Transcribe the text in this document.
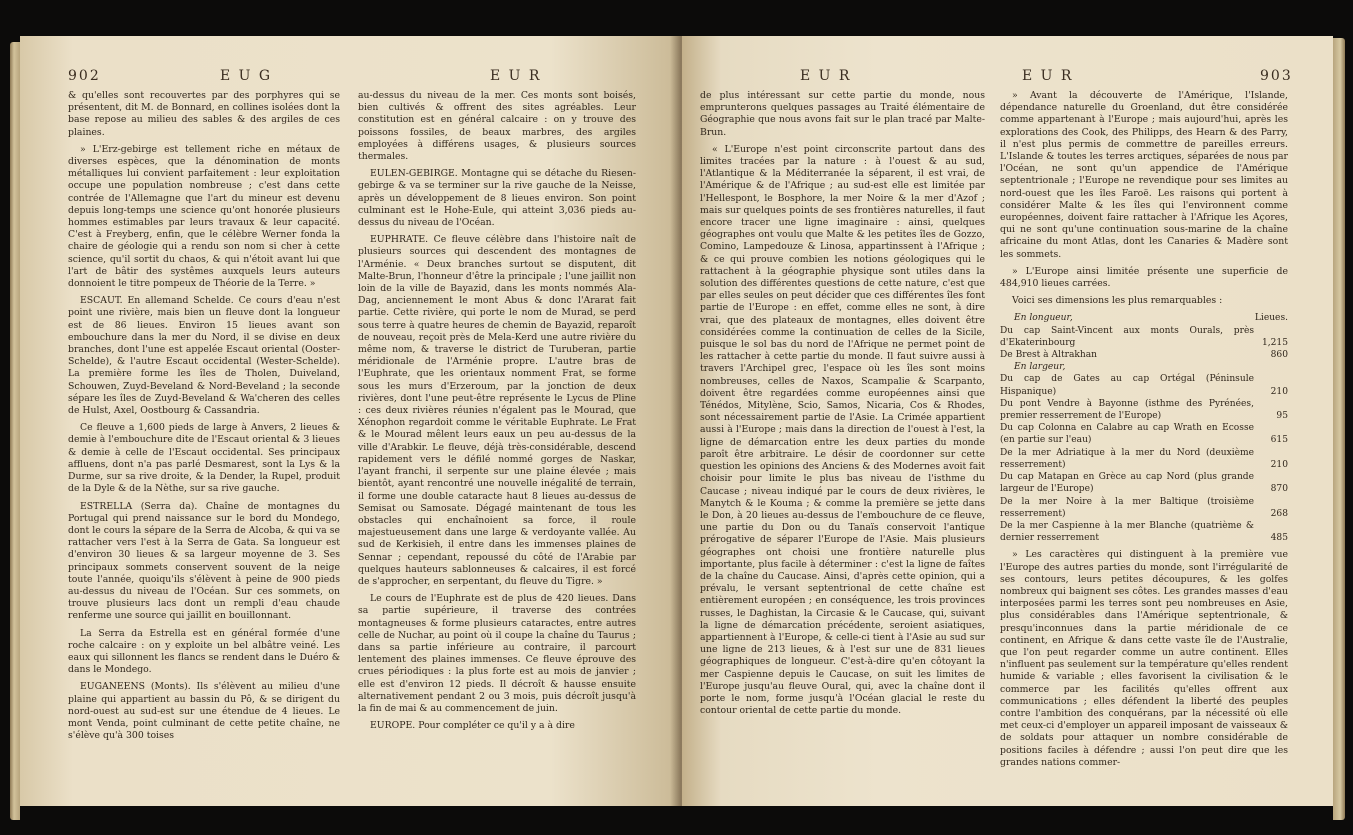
902	E U G	E U R

& qu'elles sont recouvertes par des porphyres qui se présentent, dit M. de Bonnard, en collines isolées dont la base repose au milieu des sables & des argiles de ces plaines.

» L'Erz-gebirge est tellement riche en métaux de diverses espèces, que la dénomination de monts métalliques lui convient parfaitement : leur exploitation occupe une population nombreuse ; c'est dans cette contrée de l'Allemagne que l'art du mineur est devenu depuis long-temps une science qu'ont honorée plusieurs hommes estimables par leurs travaux & leur capacité. C'est à Freyberg, enfin, que le célèbre Werner fonda la chaire de géologie qui a rendu son nom si cher à cette science, qu'il sortit du chaos, & qui n'étoit avant lui que l'art de bâtir des systêmes auxquels leurs auteurs donnoient le titre pompeux de Théorie de la Terre. »

ESCAUT. En allemand Schelde. Ce cours d'eau n'est point une rivière, mais bien un fleuve dont la longueur est de 86 lieues. Environ 15 lieues avant son embouchure dans la mer du Nord, il se divise en deux branches, dont l'une est appelée Escaut oriental (Ooster-Schelde), & l'autre Escaut occidental (Wester-Schelde). La première forme les îles de Tholen, Duiveland, Schouwen, Zuyd-Beveland & Nord-Beveland ; la seconde sépare les îles de Zuyd-Beveland & Wa'cheren des celles de Hulst, Axel, Oostbourg & Cassandria.

Ce fleuve a 1,600 pieds de large à Anvers, 2 lieues & demie à l'embouchure dite de l'Escaut oriental & 3 lieues & demie à celle de l'Escaut occidental. Ses principaux affluens, dont n'a pas parlé Desmarest, sont la Lys & la Durme, sur sa rive droite, & la Dender, la Rupel, produit de la Dyle & de la Nèthe, sur sa rive gauche.

ESTRELLA (Serra da). Chaîne de montagnes du Portugal qui prend naissance sur le bord du Mondego, dont le cours la sépare de la Serra de Alcoba, & qui va se rattacher vers l'est à la Serra de Gata. Sa longueur est d'environ 30 lieues & sa largeur moyenne de 3. Ses principaux sommets conservent souvent de la neige toute l'année, quoiqu'ils s'élèvent à peine de 900 pieds au-dessus du niveau de l'Océan. Sur ces sommets, on trouve plusieurs lacs dont un rempli d'eau chaude renferme une source qui jaillit en bouillonnant.

La Serra da Estrella est en général formée d'une roche calcaire : on y exploite un bel albâtre veiné. Les eaux qui sillonnent les flancs se rendent dans le Duéro & dans le Mondego.

EUGANEENS (Monts). Ils s'élèvent au milieu d'une plaine qui appartient au bassin du Pô, & se dirigent du nord-ouest au sud-est sur une étendue de 4 lieues. Le mont Venda, point culminant de cette petite chaîne, ne s'élève qu'à 300 toises

au-dessus du niveau de la mer. Ces monts sont boisés, bien cultivés & offrent des sites agréables. Leur constitution est en général calcaire : on y trouve des poissons fossiles, de beaux marbres, des argiles employées à différens usages, & plusieurs sources thermales.

EULEN-GEBIRGE. Montagne qui se détache du Riesen-gebirge & va se terminer sur la rive gauche de la Neisse, après un développement de 8 lieues environ. Son point culminant est le Hohe-Eule, qui atteint 3,036 pieds au-dessus du niveau de l'Océan.

EUPHRATE. Ce fleuve célèbre dans l'histoire naît de plusieurs sources qui descendent des montagnes de l'Arménie. « Deux branches surtout se disputent, dit Malte-Brun, l'honneur d'être la principale ; l'une jaillit non loin de la ville de Bayazid, dans les monts nommés Ala-Dag, anciennement le mont Abus & donc l'Ararat fait partie. Cette rivière, qui porte le nom de Murad, se perd sous terre à quatre heures de chemin de Bayazid, reparoît de nouveau, reçoit près de Mela-Kerd une autre rivière du même nom, & traverse le district de Turuberan, partie méridionale de l'Arménie propre. L'autre bras de l'Euphrate, que les orientaux nomment Frat, se forme sous les murs d'Erzeroum, par la jonction de deux rivières, dont l'une peut-être représente le Lycus de Pline : ces deux rivières réunies n'égalent pas le Mourad, que Xénophon regardoit comme le véritable Euphrate. Le Frat & le Mourad mêlent leurs eaux un peu au-dessus de la ville d'Arabkir. Le fleuve, déjà très-considérable, descend rapidement vers le défilé nommé gorges de Naskar, l'ayant franchi, il serpente sur une plaine élevée ; mais bientôt, ayant rencontré une nouvelle inégalité de terrain, il forme une double cataracte haut 8 lieues au-dessus de Semisat ou Samosate. Dégagé maintenant de tous les obstacles qui enchaînoient sa force, il roule majestueusement dans une large & verdoyante vallée. Au sud de Kerkisieh, il entre dans les immenses plaines de Sennar ; cependant, repoussé du côté de l'Arabie par quelques hauteurs sablonneuses & calcaires, il est forcé de s'approcher, en serpentant, du fleuve du Tigre. »

Le cours de l'Euphrate est de plus de 420 lieues. Dans sa partie supérieure, il traverse des contrées montagneuses & forme plusieurs cataractes, entre autres celle de Nuchar, au point où il coupe la chaîne du Taurus ; dans sa partie inférieure au contraire, il parcourt lentement des plaines immenses. Ce fleuve éprouve des crues périodiques : la plus forte est au mois de janvier ; elle est d'environ 12 pieds. Il décroît & hausse ensuite alternativement pendant 2 ou 3 mois, puis décroît jusqu'à la fin de mai & au commencement de juin.

EUROPE. Pour compléter ce qu'il y a à dire

E U R	E U R	903

de plus intéressant sur cette partie du monde, nous emprunterons quelques passages au Traité élémentaire de Géographie que nous avons fait sur le plan tracé par Malte-Brun.

« L'Europe n'est point circonscrite partout dans des limites tracées par la nature : à l'ouest & au sud, l'Atlantique & la Méditerranée la séparent, il est vrai, de l'Amérique & de l'Afrique ; au sud-est elle est limitée par l'Hellespont, le Bosphore, la mer Noire & la mer d'Azof ; mais sur quelques points de ses frontières naturelles, il faut encore tracer une ligne imaginaire : ainsi, quelques géographes ont voulu que Malte & les petites îles de Gozzo, Comino, Lampedouze & Linosa, appartinssent à l'Afrique ; & ce qui prouve combien les notions géologiques qui le rattachent à la géographie physique sont utiles dans la solution des différentes questions de cette nature, c'est que par elles seules on peut décider que ces différentes îles font partie de l'Europe : en effet, comme elles ne sont, à dire vrai, que des plateaux de montagnes, elles doivent être considérées comme la continuation de celles de la Sicile, puisque le sol bas du nord de l'Afrique ne permet point de les rattacher à cette partie du monde. Il faut suivre aussi à travers l'Archipel grec, l'espace où les îles sont moins nombreuses, celles de Naxos, Scampalie & Scarpanto, doivent être regardées comme européennes ainsi que Ténédos, Mitylène, Scio, Samos, Nicaria, Cos & Rhodes, sont nécessairement partie de l'Asie. La Crimée appartient aussi à l'Europe ; mais dans la direction de l'ouest à l'est, la ligne de démarcation entre les deux parties du monde paroît être arbitraire. Le désir de coordonner sur cette question les opinions des Anciens & des Modernes avoit fait choisir pour limite le plus bas niveau de l'isthme du Caucase ; niveau indiqué par le cours de deux rivières, le Manytch & le Kouma ; & comme la première se jette dans le Don, à 20 lieues au-dessus de l'embouchure de ce fleuve, une partie du Don ou du Tanaïs conservoit l'antique prérogative de séparer l'Europe de l'Asie. Mais plusieurs géographes ont choisi une frontière naturelle plus importante, plus facile à déterminer : c'est la ligne de faîtes de la chaîne du Caucase. Ainsi, d'après cette opinion, qui a prévalu, le versant septentrional de cette chaîne est entièrement européen ; en conséquence, les trois provinces russes, le Daghistan, la Circasie & le Caucase, qui, suivant la ligne de démarcation précédente, seroient asiatiques, appartiennent à l'Europe, & celle-ci tient à l'Asie au sud sur une ligne de 213 lieues, & à l'est sur une de 831 lieues géographiques de longueur. C'est-à-dire qu'en côtoyant la mer Caspienne depuis le Caucase, on suit les limites de l'Europe jusqu'au fleuve Oural, qui, avec la chaîne dont il porte le nom, forme jusqu'à l'Océan glacial le reste du contour oriental de cette partie du monde.

» Avant la découverte de l'Amérique, l'Islande, dépendance naturelle du Groenland, dut être considérée comme appartenant à l'Europe ; mais aujourd'hui, après les explorations des Cook, des Philipps, des Hearn & des Parry, il n'est plus permis de commettre de pareilles erreurs. L'Islande & toutes les terres arctiques, séparées de nous par l'Océan, ne sont qu'un appendice de l'Amérique septentrionale ; l'Europe ne revendique pour ses limites au nord-ouest que les îles Faroë. Les raisons qui portent à considérer Malte & les îles qui l'environnent comme européennes, doivent faire rattacher à l'Afrique les Açores, qui ne sont qu'une continuation sous-marine de la chaîne africaine du mont Atlas, dont les Canaries & Madère sont les sommets.

» L'Europe ainsi limitée présente une superficie de 484,910 lieues carrées.

Voici ses dimensions les plus remarquables :

En longueur,	Lieues.
Du cap Saint-Vincent aux monts Ourals, près d'Ekaterinbourg	1,215
De Brest à Altrakhan	860
En largeur,	
Du cap de Gates au cap Ortégal (Péninsule Hispanique)	210
Du pont Vendre à Bayonne (isthme des Pyrénées, premier resserrement de l'Europe)	95
Du cap Colonna en Calabre au cap Wrath en Ecosse (en partie sur l'eau)	615
De la mer Adriatique à la mer du Nord (deuxième resserrement)	210
Du cap Matapan en Grèce au cap Nord (plus grande largeur de l'Europe)	870
De la mer Noire à la mer Baltique (troisième resserrement)	268
De la mer Caspienne à la mer Blanche (quatrième & dernier resserrement	485

» Les caractères qui distinguent à la première vue l'Europe des autres parties du monde, sont l'irrégularité de ses contours, leurs petites découpures, & les golfes nombreux qui baignent ses côtes. Les grandes masses d'eau interposées parmi les terres sont peu nombreuses en Asie, plus considérables dans l'Amérique septentrionale, & presqu'inconnues dans la partie méridionale de ce continent, en Afrique & dans cette vaste île de l'Australie, que l'on peut regarder comme un autre continent. Elles n'influent pas seulement sur la température qu'elles rendent humide & variable ; elles favorisent la civilisation & le commerce par les facilités qu'elles offrent aux communications ; elles défendent la liberté des peuples contre l'ambition des conquérans, par la nécessité où elle met ceux-ci d'employer un appareil imposant de vaisseaux & de soldats pour attaquer un nombre considérable de positions faciles à défendre ; aussi l'on peut dire que les grandes nations commer-
